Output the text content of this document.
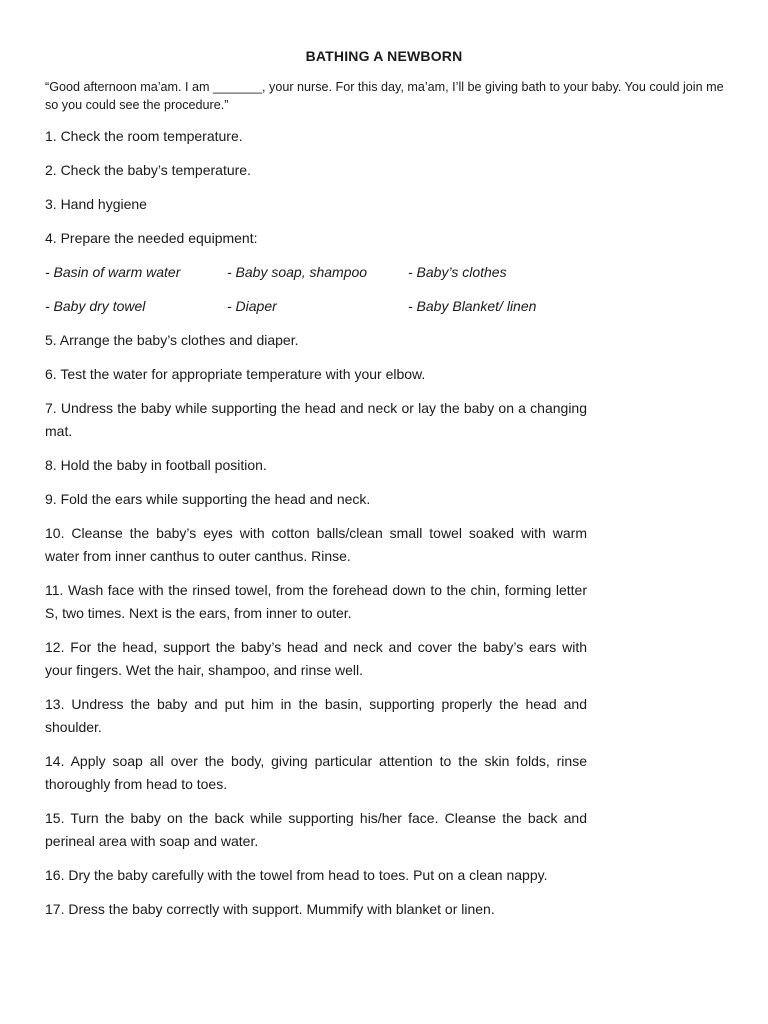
BATHING A NEWBORN
“Good afternoon ma’am. I am _______, your nurse. For this day, ma’am, I’ll be giving bath to your baby. You could join me so you could see the procedure.”

1. Check the room temperature.

2. Check the baby’s temperature.

3. Hand hygiene

4. Prepare the needed equipment:

- Basin of warm water	- Baby soap, shampoo	- Baby’s clothes
- Baby dry towel	- Diaper	- Baby Blanket/ linen

5. Arrange the baby’s clothes and diaper.

6. Test the water for appropriate temperature with your elbow.

7. Undress the baby while supporting the head and neck or lay the baby on a changing mat.

8. Hold the baby in football position.

9. Fold the ears while supporting the head and neck.

10. Cleanse the baby’s eyes with cotton balls/clean small towel soaked with warm water from inner canthus to outer canthus. Rinse.

11. Wash face with the rinsed towel, from the forehead down to the chin, forming letter S, two times. Next is the ears, from inner to outer.

12. For the head, support the baby’s head and neck and cover the baby’s ears with your fingers. Wet the hair, shampoo, and rinse well.

13. Undress the baby and put him in the basin, supporting properly the head and shoulder.

14. Apply soap all over the body, giving particular attention to the skin folds, rinse thoroughly from head to toes.

15. Turn the baby on the back while supporting his/her face. Cleanse the back and perineal area with soap and water.

16. Dry the baby carefully with the towel from head to toes. Put on a clean nappy.

17. Dress the baby correctly with support. Mummify with blanket or linen.
